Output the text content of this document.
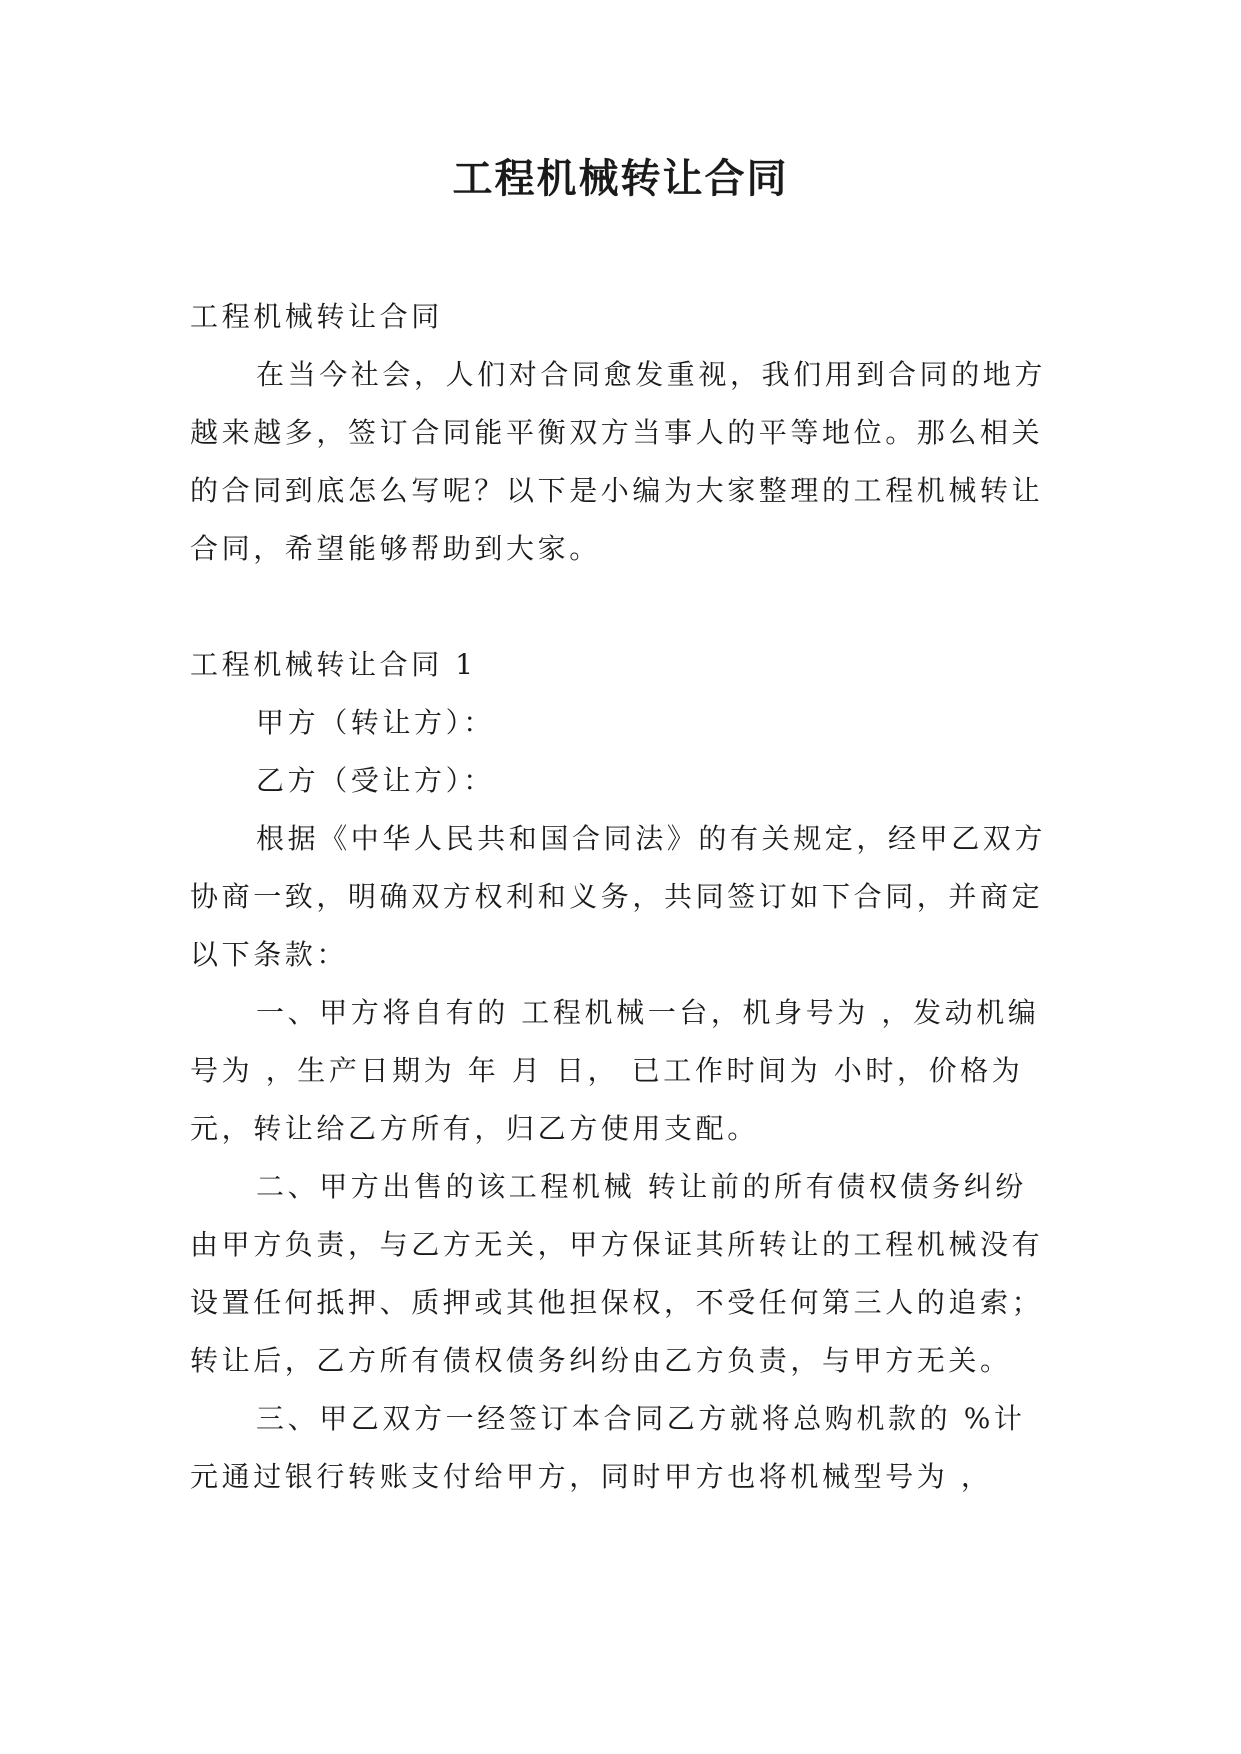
工程机械转让合同

工程机械转让合同

在当今社会，人们对合同愈发重视，我们用到合同的地方越来越多，签订合同能平衡双方当事人的平等地位。那么相关的合同到底怎么写呢？以下是小编为大家整理的工程机械转让合同，希望能够帮助到大家。

工程机械转让合同 1

甲方（转让方）：

乙方（受让方）：

根据《中华人民共和国合同法》的有关规定，经甲乙双方协商一致，明确双方权利和义务，共同签订如下合同，并商定以下条款：

一、甲方将自有的 工程机械一台，机身号为 ，发动机编号为 ，生产日期为 年 月 日， 已工作时间为 小时，价格为 元，转让给乙方所有，归乙方使用支配。

二、甲方出售的该工程机械 转让前的所有债权债务纠纷由甲方负责，与乙方无关，甲方保证其所转让的工程机械没有设置任何抵押、质押或其他担保权，不受任何第三人的追索；转让后，乙方所有债权债务纠纷由乙方负责，与甲方无关。

三、甲乙双方一经签订本合同乙方就将总购机款的 %计 元通过银行转账支付给甲方，同时甲方也将机械型号为 ，
